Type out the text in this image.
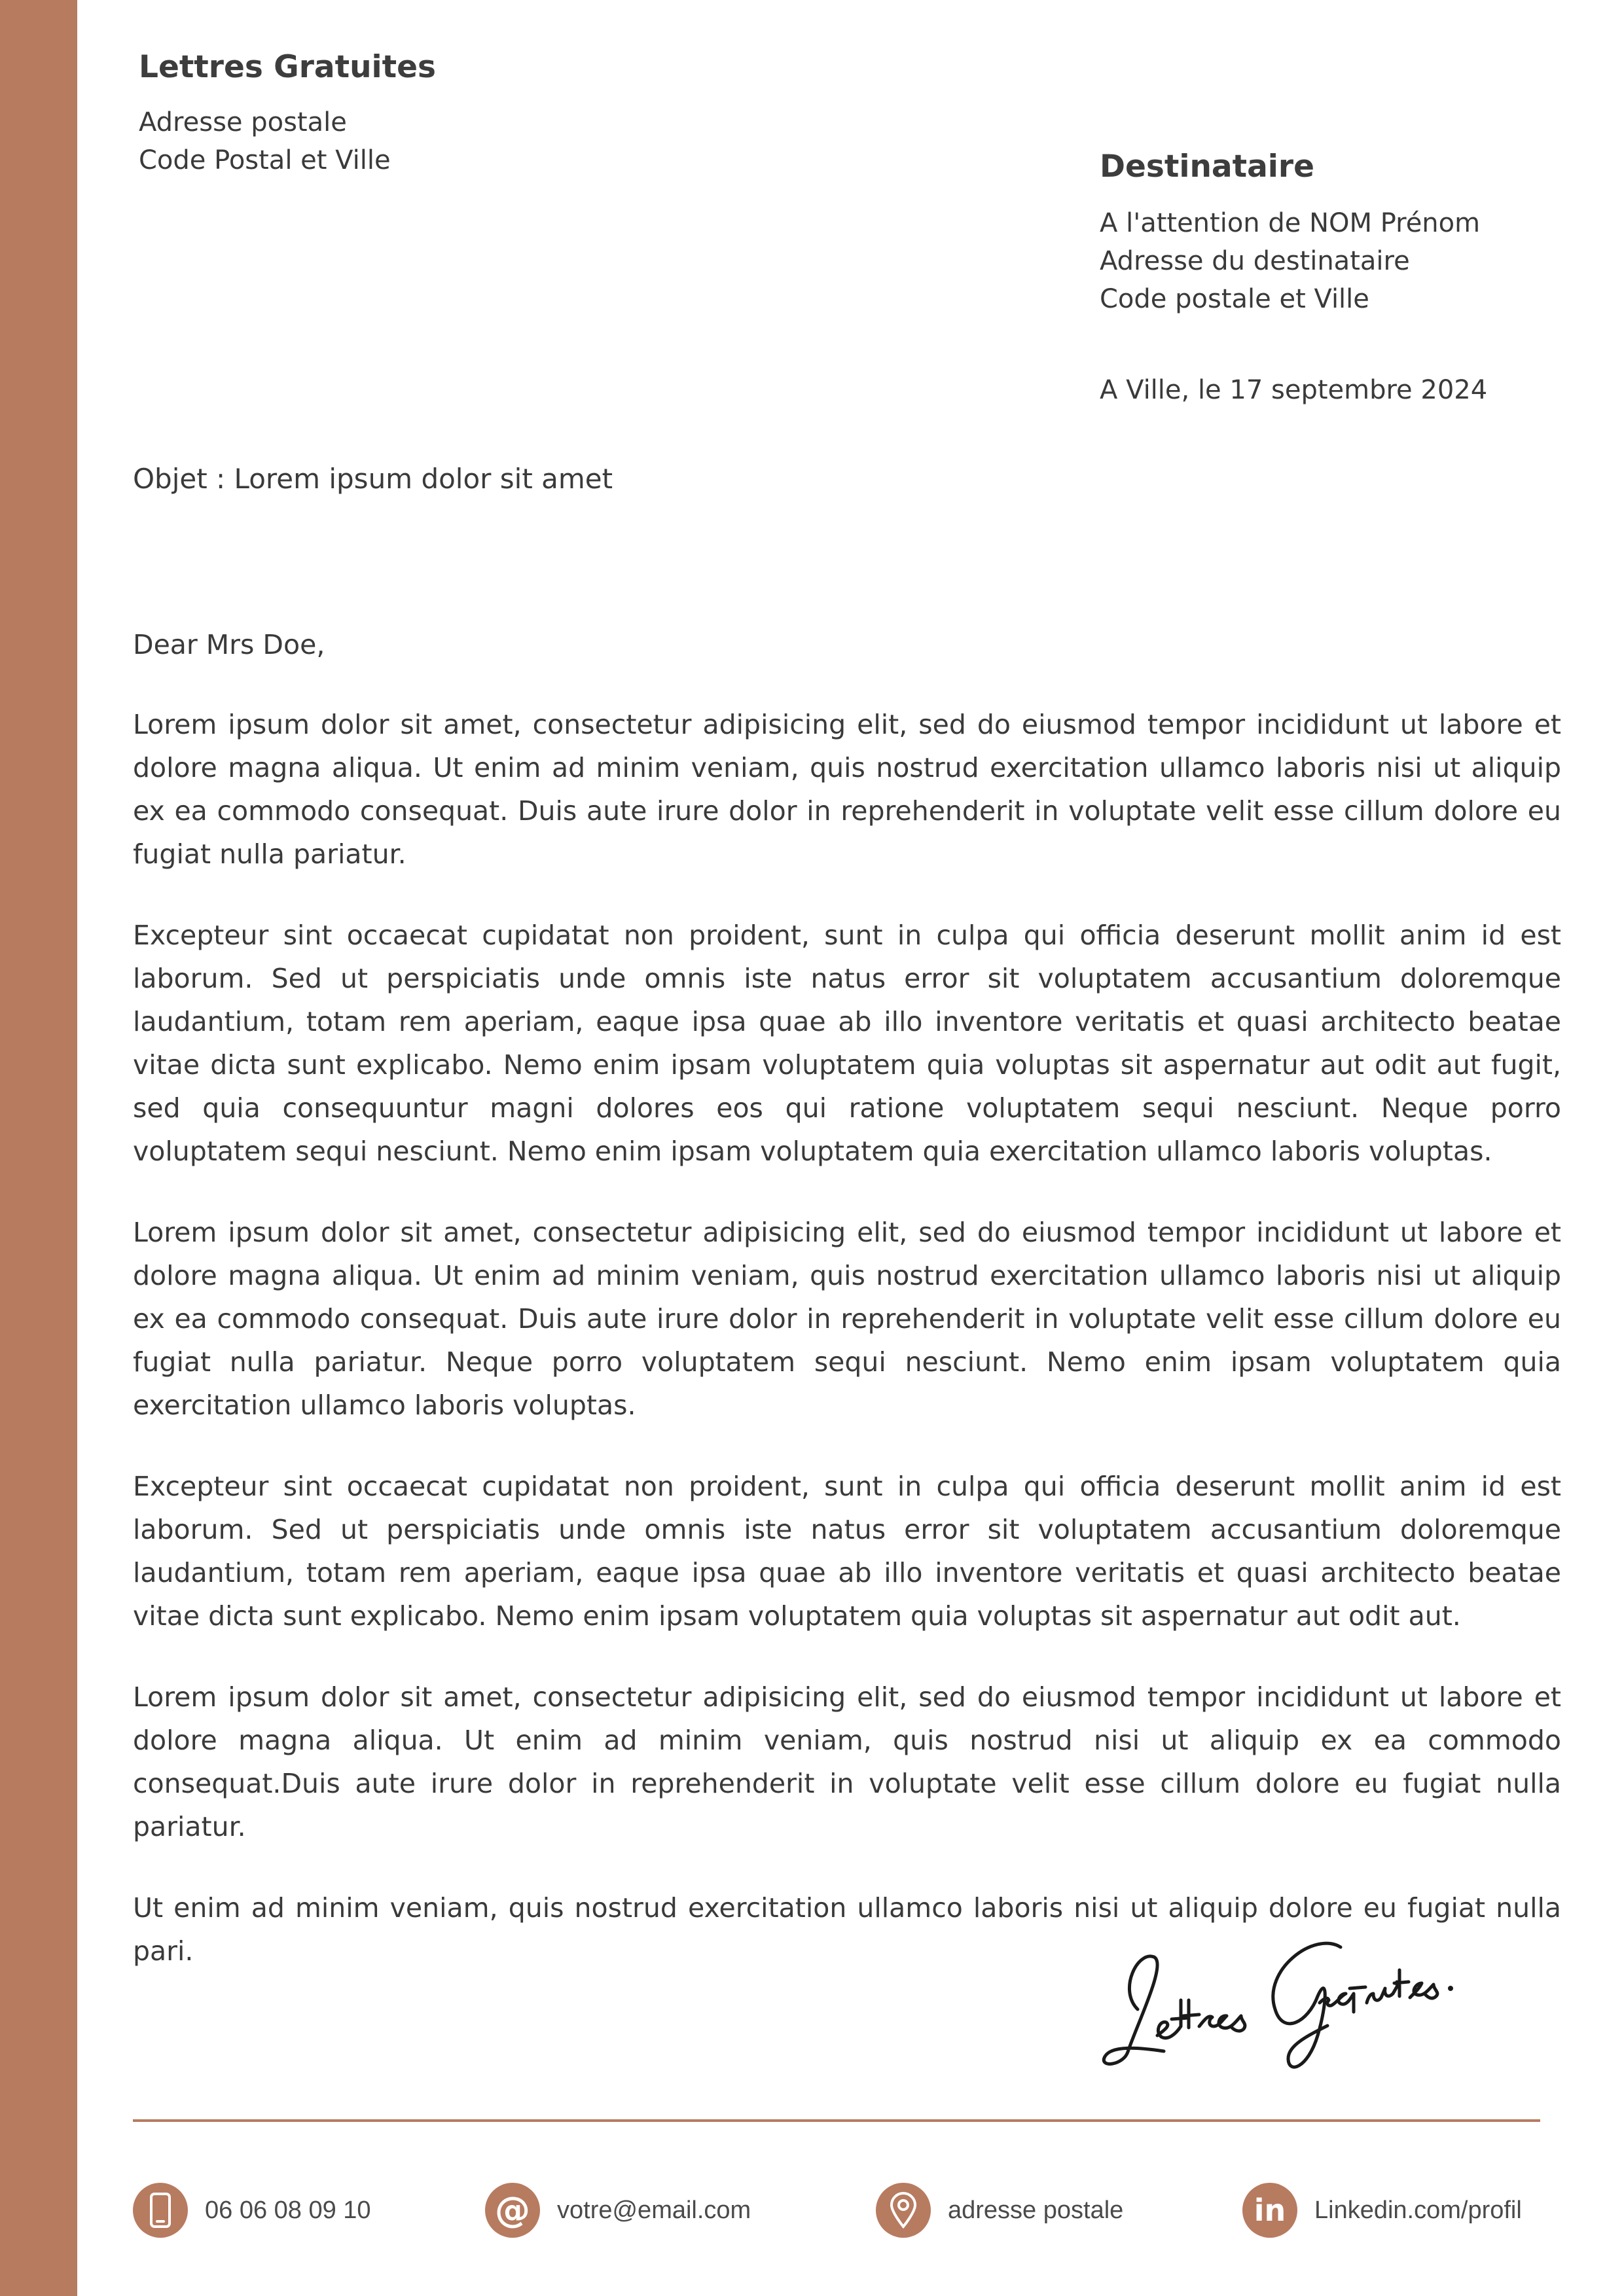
Lettres Gratuites
Adresse postale
Code Postal et Ville	Destinataire
A l'attention de NOM Prénom
Adresse du destinataire
Code postale et Ville
A Ville, le 17 septembre 2024
Objet : Lorem ipsum dolor sit amet

Dear Mrs Doe,

Lorem ipsum dolor sit amet, consectetur adipisicing elit, sed do eiusmod tempor incididunt ut labore et dolore magna aliqua. Ut enim ad minim veniam, quis nostrud exercitation ullamco laboris nisi ut aliquip ex ea commodo consequat. Duis aute irure dolor in reprehenderit in voluptate velit esse cillum dolore eu fugiat nulla pariatur.

Excepteur sint occaecat cupidatat non proident, sunt in culpa qui officia deserunt mollit anim id est laborum. Sed ut perspiciatis unde omnis iste natus error sit voluptatem accusantium doloremque laudantium, totam rem aperiam, eaque ipsa quae ab illo inventore veritatis et quasi architecto beatae vitae dicta sunt explicabo. Nemo enim ipsam voluptatem quia voluptas sit aspernatur aut odit aut fugit, sed quia consequuntur magni dolores eos qui ratione voluptatem sequi nesciunt. Neque porro voluptatem sequi nesciunt. Nemo enim ipsam voluptatem quia exercitation ullamco laboris voluptas.

Lorem ipsum dolor sit amet, consectetur adipisicing elit, sed do eiusmod tempor incididunt ut labore et dolore magna aliqua. Ut enim ad minim veniam, quis nostrud exercitation ullamco laboris nisi ut aliquip ex ea commodo consequat. Duis aute irure dolor in reprehenderit in voluptate velit esse cillum dolore eu fugiat nulla pariatur. Neque porro voluptatem sequi nesciunt. Nemo enim ipsam voluptatem quia exercitation ullamco laboris voluptas.

Excepteur sint occaecat cupidatat non proident, sunt in culpa qui officia deserunt mollit anim id est laborum. Sed ut perspiciatis unde omnis iste natus error sit voluptatem accusantium doloremque laudantium, totam rem aperiam, eaque ipsa quae ab illo inventore veritatis et quasi architecto beatae vitae dicta sunt explicabo. Nemo enim ipsam voluptatem quia voluptas sit aspernatur aut odit aut.

Lorem ipsum dolor sit amet, consectetur adipisicing elit, sed do eiusmod tempor incididunt ut labore et dolore magna aliqua. Ut enim ad minim veniam, quis nostrud nisi ut aliquip ex ea commodo consequat.Duis aute irure dolor in reprehenderit in voluptate velit esse cillum dolore eu fugiat nulla pariatur.

Ut enim ad minim veniam, quis nostrud exercitation ullamco laboris nisi ut aliquip dolore eu fugiat nulla pari.

06 06 08 09 10	@ votre@email.com	adresse postale	in Linkedin.com/profil
